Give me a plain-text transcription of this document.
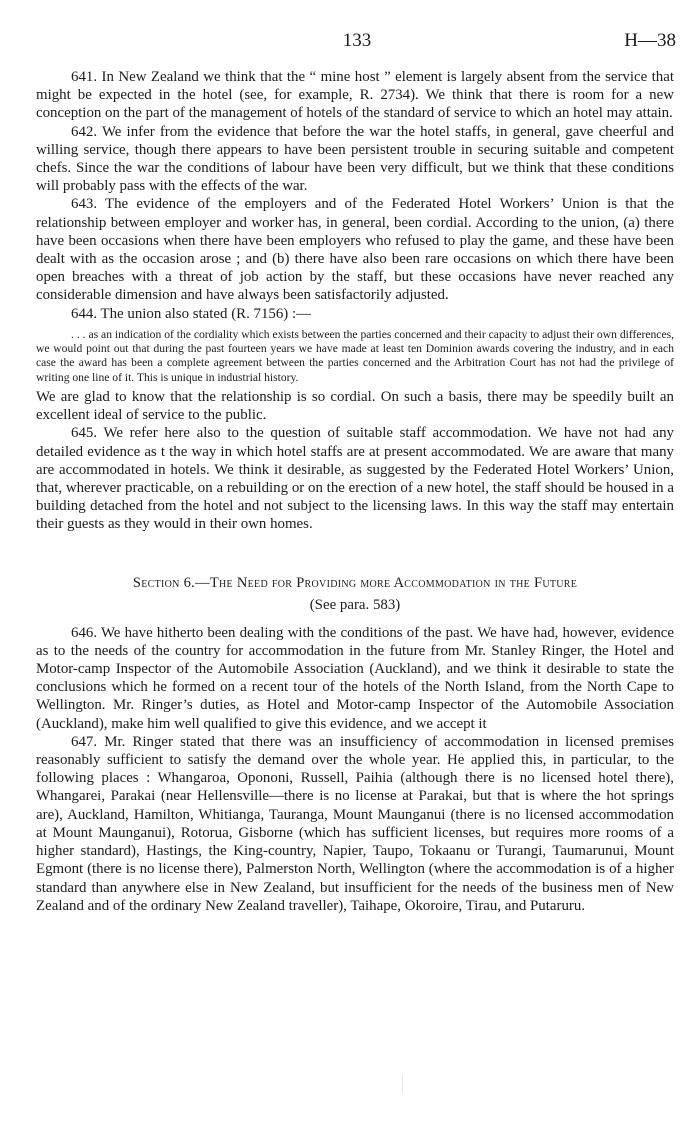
133	H—38

641. In New Zealand we think that the “ mine host ” element is largely absent from the service that might be expected in the hotel (see, for example, R. 2734). We think that there is room for a new conception on the part of the management of hotels of the standard of service to which an hotel may attain.

642. We infer from the evidence that before the war the hotel staffs, in general, gave cheerful and willing service, though there appears to have been persistent trouble in securing suitable and competent chefs. Since the war the conditions of labour have been very difficult, but we think that these conditions will probably pass with the effects of the war.

643. The evidence of the employers and of the Federated Hotel Workers’ Union is that the relationship between employer and worker has, in general, been cordial. According to the union, (a) there have been occasions when there have been employers who refused to play the game, and these have been dealt with as the occasion arose ; and (b) there have also been rare occasions on which there have been open breaches with a threat of job action by the staff, but these occasions have never reached any considerable dimension and have always been satisfactorily adjusted.

644. The union also stated (R. 7156) :—

. . . as an indication of the cordiality which exists between the parties concerned and their capacity to adjust their own differences, we would point out that during the past fourteen years we have made at least ten Dominion awards covering the industry, and in each case the award has been a complete agreement between the parties concerned and the Arbitration Court has not had the privilege of writing one line of it. This is unique in industrial history.

We are glad to know that the relationship is so cordial. On such a basis, there may be speedily built an excellent ideal of service to the public.

645. We refer here also to the question of suitable staff accommodation. We have not had any detailed evidence as t the way in which hotel staffs are at present accommodated. We are aware that many are accommodated in hotels. We think it desirable, as suggested by the Federated Hotel Workers’ Union, that, wherever practicable, on a rebuilding or on the erection of a new hotel, the staff should be housed in a building detached from the hotel and not subject to the licensing laws. In this way the staff may entertain their guests as they would in their own homes.

Section 6.—The Need for Providing more Accommodation in the Future

(See para. 583)

646. We have hitherto been dealing with the conditions of the past. We have had, however, evidence as to the needs of the country for accommodation in the future from Mr. Stanley Ringer, the Hotel and Motor-camp Inspector of the Automobile Association (Auckland), and we think it desirable to state the conclusions which he formed on a recent tour of the hotels of the North Island, from the North Cape to Wellington. Mr. Ringer’s duties, as Hotel and Motor-camp Inspector of the Automobile Association (Auckland), make him well qualified to give this evidence, and we accept it

647. Mr. Ringer stated that there was an insufficiency of accommodation in licensed premises reasonably sufficient to satisfy the demand over the whole year. He applied this, in particular, to the following places : Whangaroa, Opononi, Russell, Paihia (although there is no licensed hotel there), Whangarei, Parakai (near Hellensville—there is no license at Parakai, but that is where the hot springs are), Auckland, Hamilton, Whitianga, Tauranga, Mount Maunganui (there is no licensed accommodation at Mount Maunganui), Rotorua, Gisborne (which has sufficient licenses, but requires more rooms of a higher standard), Hastings, the King-country, Napier, Taupo, Tokaanu or Turangi, Taumarunui, Mount Egmont (there is no license there), Palmerston North, Wellington (where the accommodation is of a higher standard than anywhere else in New Zealand, but insufficient for the needs of the business men of New Zealand and of the ordinary New Zealand traveller), Taihape, Okoroire, Tirau, and Putaruru.
